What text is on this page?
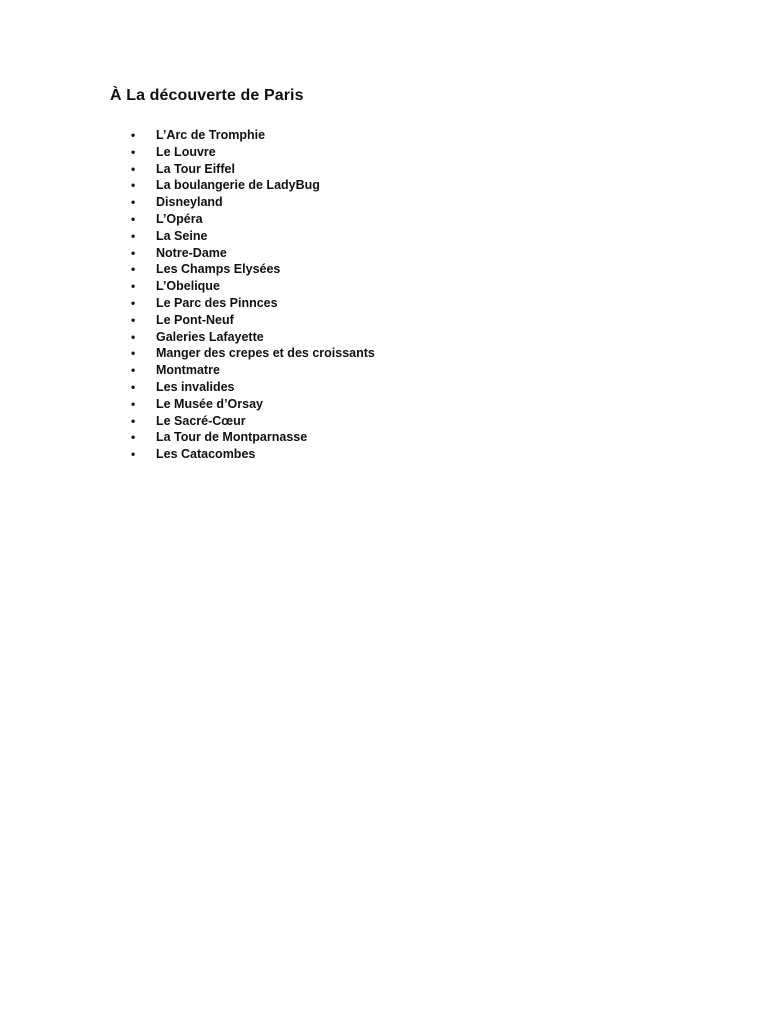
À La découverte de Paris
•	L’Arc de Tromphie
•	Le Louvre
•	La Tour Eiffel
•	La boulangerie de LadyBug
•	Disneyland
•	L’Opéra
•	La Seine
•	Notre-Dame
•	Les Champs Elysées
•	L’Obelique
•	Le Parc des Pinnces
•	Le Pont-Neuf
•	Galeries Lafayette
•	Manger des crepes et des croissants
•	Montmatre
•	Les invalides
•	Le Musée d’Orsay
•	Le Sacré-Cœur
•	La Tour de Montparnasse
•	Les Catacombes
